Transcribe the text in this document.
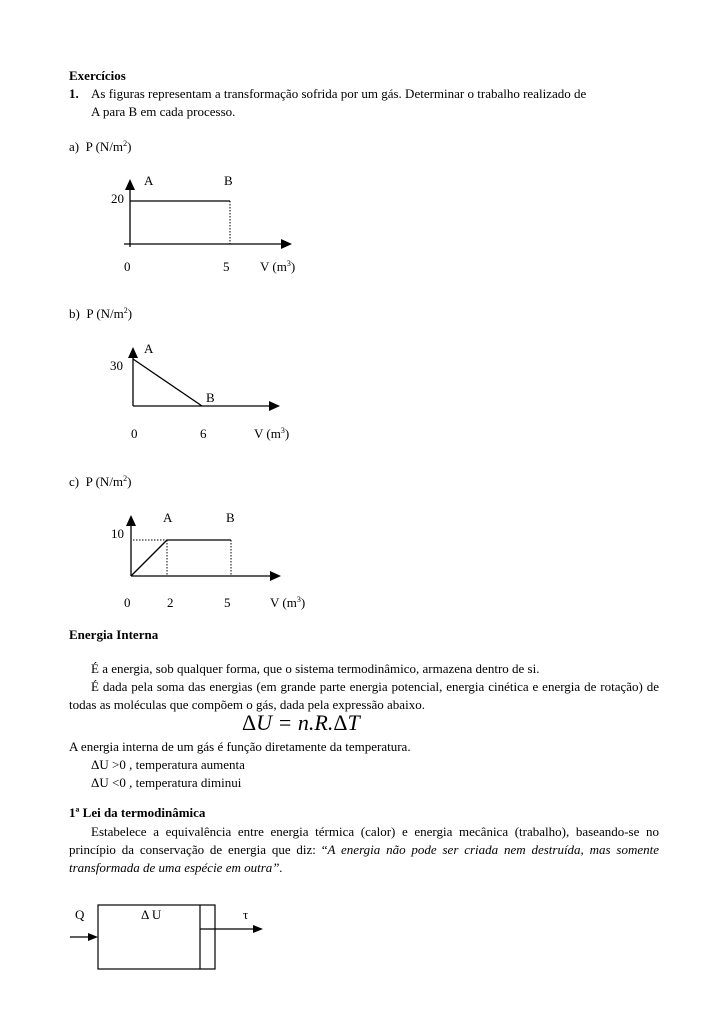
Exercícios
1. As figuras representam a transformação sofrida por um gás. Determinar o trabalho realizado de
A para B em cada processo.
a) P $(N/m^2)$
A	B
20
0	5 V $(m^3)$
b) P $(N/m^2)$
A
B
30
0	6	V $(m^3)$
c) P $(N/m^2)$
A	B
10
0	2	5	V $(m^3)$
Energia Interna
É a energia, sob qualquer forma, que o sistema termodinâmico, armazena dentro de si.
É dada pela soma das energias (em grande parte energia potencial, energia cinética e energia de rotação) de todas as moléculas que compõem o gás, dada pela expressão abaixo.
ΔU = n.R.ΔT
A energia interna de um gás é função diretamente da temperatura.
ΔU >0 , temperatura aumenta
ΔU <0 , temperatura diminui
1ª Lei da termodinâmica
Estabelece a equivalência entre energia térmica (calor) e energia mecânica (trabalho), baseando-se no princípio da conservação de energia que diz: “A energia não pode ser criada nem destruída, mas somente transformada de uma espécie em outra”.
Q	Δ U	τ
